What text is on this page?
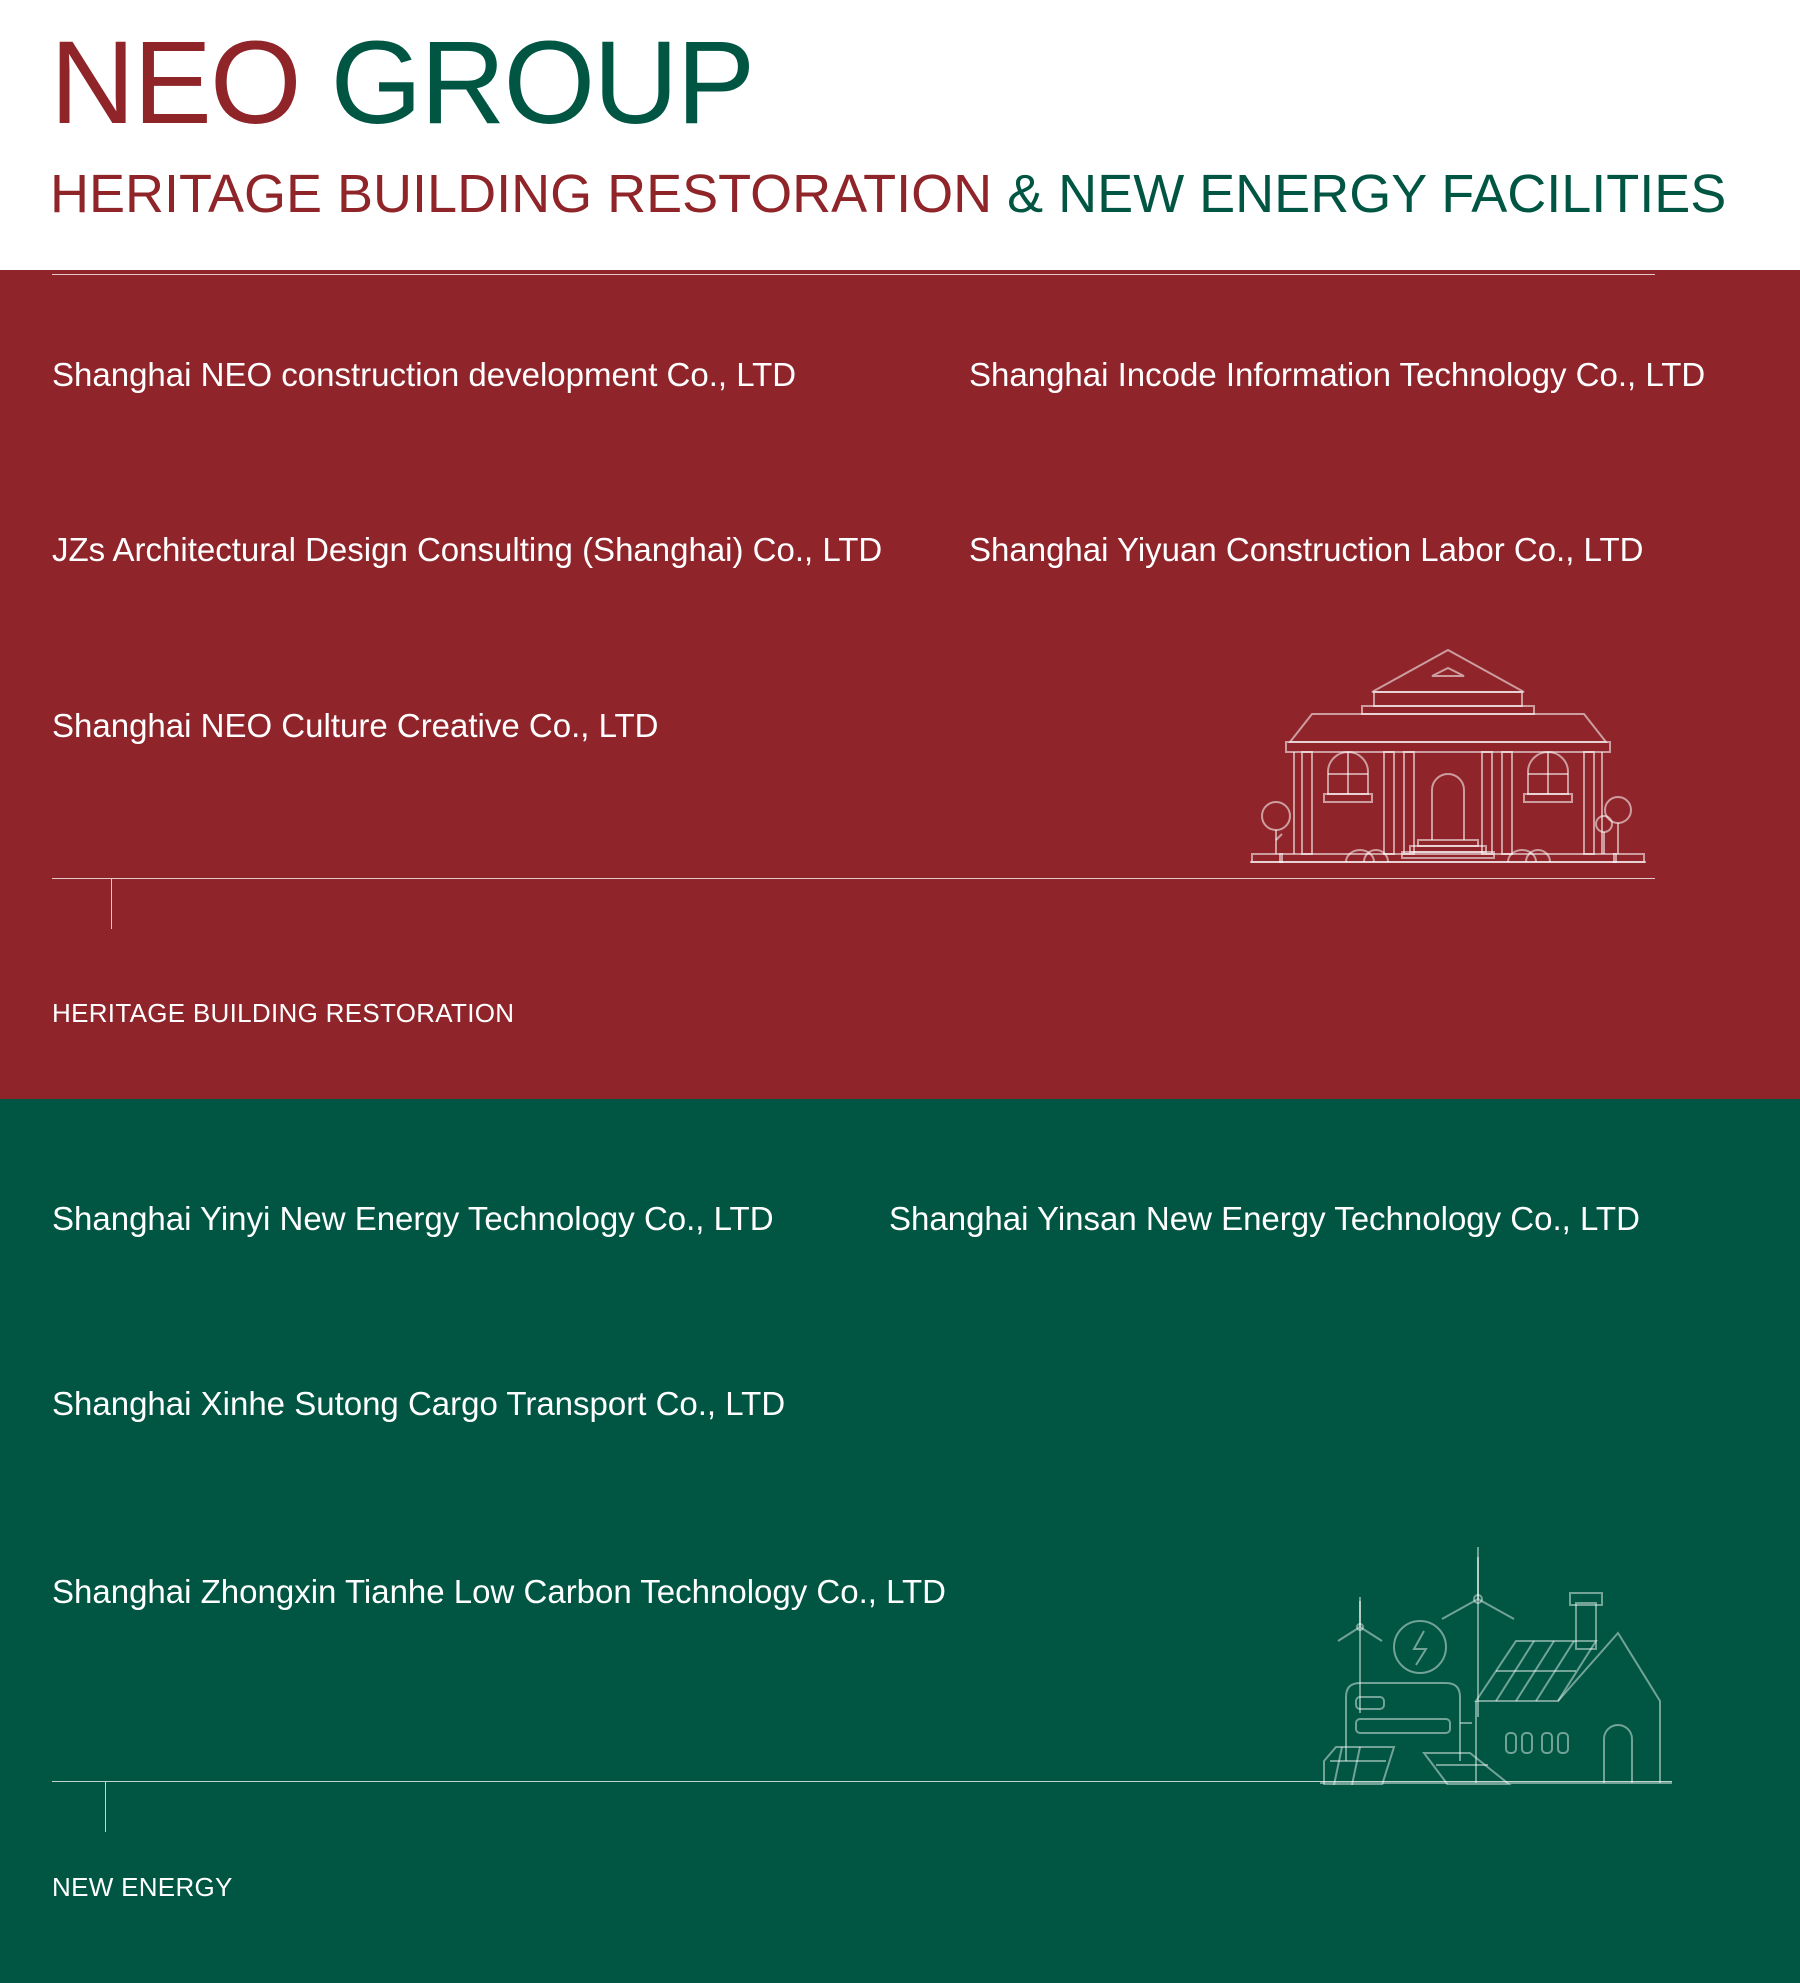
NEO GROUP
HERITAGE BUILDING RESTORATION & NEW ENERGY FACILITIES
Shanghai NEO construction development Co., LTD	Shanghai Incode Information Technology Co., LTD
JZs Architectural Design Consulting (Shanghai) Co., LTD	Shanghai Yiyuan Construction Labor Co., LTD
Shanghai NEO Culture Creative Co., LTD
HERITAGE BUILDING RESTORATION
Shanghai Yinyi New Energy Technology Co., LTD	Shanghai Yinsan New Energy Technology Co., LTD
Shanghai Xinhe Sutong Cargo Transport Co., LTD
Shanghai Zhongxin Tianhe Low Carbon Technology Co., LTD
NEW ENERGY
